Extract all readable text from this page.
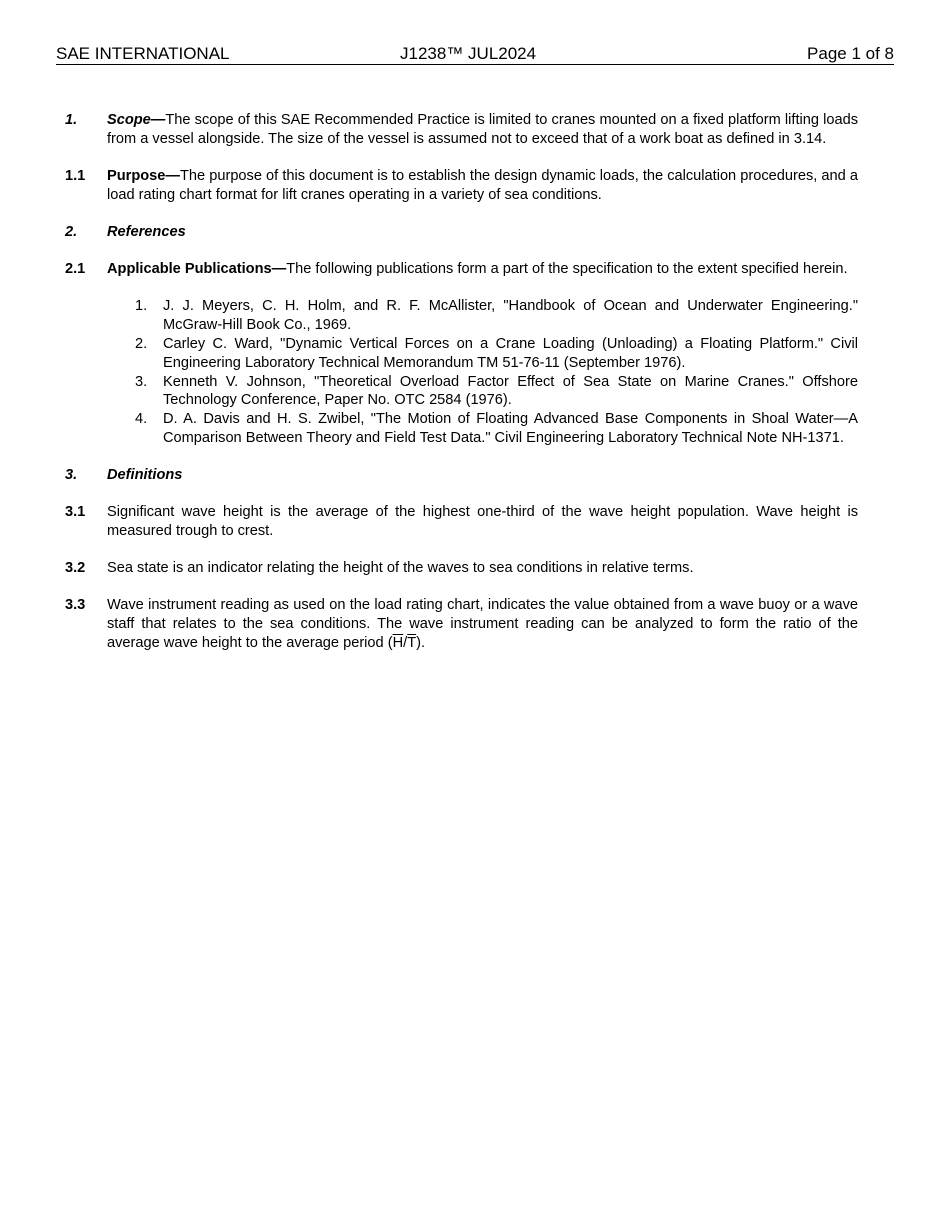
SAE INTERNATIONAL	J1238™ JUL2024	Page 1 of 8
1.	Scope—The scope of this SAE Recommended Practice is limited to cranes mounted on a fixed platform lifting loads from a vessel alongside. The size of the vessel is assumed not to exceed that of a work boat as defined in 3.14.
1.1	Purpose—The purpose of this document is to establish the design dynamic loads, the calculation procedures, and a load rating chart format for lift cranes operating in a variety of sea conditions.
2.	References
2.1	Applicable Publications—The following publications form a part of the specification to the extent specified herein.
1.	J. J. Meyers, C. H. Holm, and R. F. McAllister, "Handbook of Ocean and Underwater Engineering." McGraw-Hill Book Co., 1969.
2.	Carley C. Ward, "Dynamic Vertical Forces on a Crane Loading (Unloading) a Floating Platform." Civil Engineering Laboratory Technical Memorandum TM 51-76-11 (September 1976).
3.	Kenneth V. Johnson, "Theoretical Overload Factor Effect of Sea State on Marine Cranes." Offshore Technology Conference, Paper No. OTC 2584 (1976).
4.	D. A. Davis and H. S. Zwibel, "The Motion of Floating Advanced Base Components in Shoal Water—A Comparison Between Theory and Field Test Data." Civil Engineering Laboratory Technical Note NH-1371.
3.	Definitions
3.1	Significant wave height is the average of the highest one-third of the wave height population. Wave height is measured trough to crest.
3.2	Sea state is an indicator relating the height of the waves to sea conditions in relative terms.
3.3	Wave instrument reading as used on the load rating chart, indicates the value obtained from a wave buoy or a wave staff that relates to the sea conditions. The wave instrument reading can be analyzed to form the ratio of the average wave height to the average period $(\overline{H}/\overline{T})$.
